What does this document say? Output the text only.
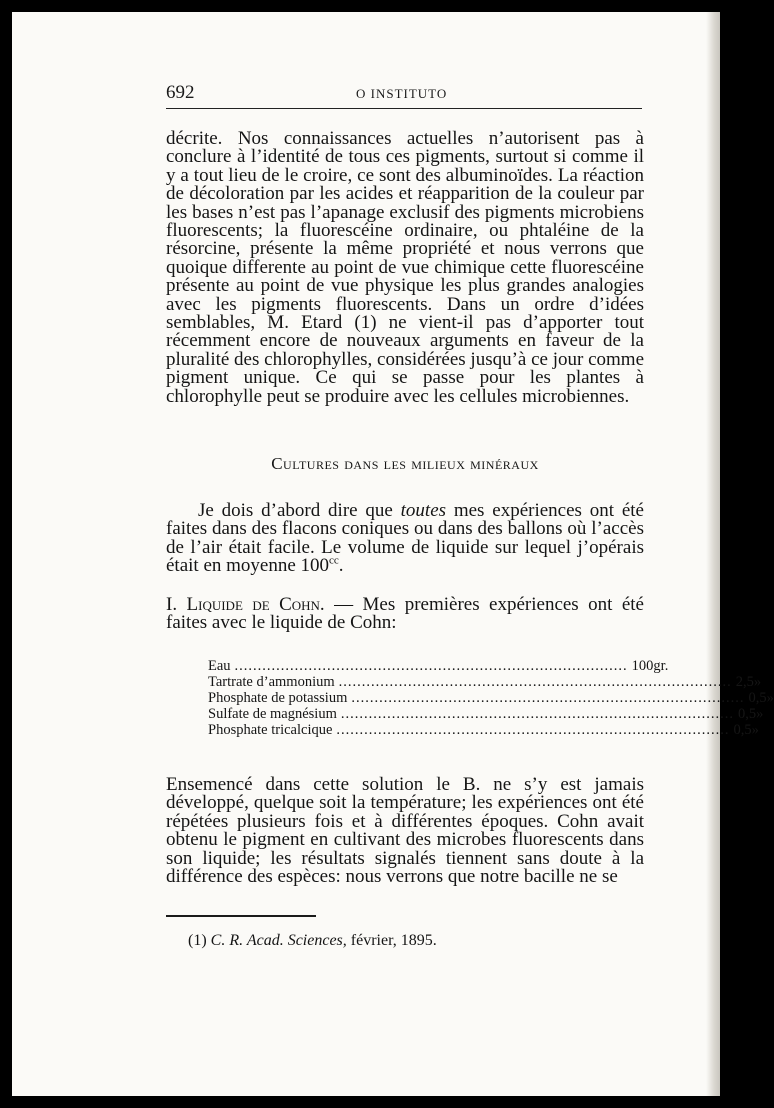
692	O INSTITUTO
décrite. Nos connaissances actuelles n’autorisent pas à conclure à l’identité de tous ces pigments, surtout si comme il y a tout lieu de le croire, ce sont des albuminoïdes. La réaction de décoloration par les acides et réapparition de la couleur par les bases n’est pas l’apanage exclusif des pigments microbiens fluorescents; la fluorescéine ordinaire, ou phtaléine de la résorcine, présente la même propriété et nous verrons que quoique differente au point de vue chimique cette fluorescéine présente au point de vue physique les plus grandes analogies avec les pigments fluorescents. Dans un ordre d’idées semblables, M. Etard (1) ne vient-il pas d’apporter tout récemment encore de nouveaux arguments en faveur de la pluralité des chlorophylles, considérées jusqu’à ce jour comme pigment unique. Ce qui se passe pour les plantes à chlorophylle peut se produire avec les cellules microbiennes.
Cultures dans les milieux minéraux
Je dois d’abord dire que toutes mes expériences ont été faites dans des flacons coniques ou dans des ballons où l’accès de l’air était facile. Le volume de liquide sur lequel j’opérais était en moyenne $100^{cc}$.
I. Liquide de Cohn. — Mes premières expériences ont été faites avec le liquide de Cohn:
Eau ..................................................................................... 100 gr.
Tartrate d’ammonium ..................................................................................... 2,5 »
Phosphate de potassium ..................................................................................... 0,5 »
Sulfate de magnésium ..................................................................................... 0,5 »
Phosphate tricalcique ..................................................................................... 0,5 »
Ensemencé dans cette solution le B. ne s’y est jamais développé, quelque soit la température; les expériences ont été répétées plusieurs fois et à différentes époques. Cohn avait obtenu le pigment en cultivant des microbes fluorescents dans son liquide; les résultats signalés tiennent sans doute à la différence des espèces: nous verrons que notre bacille ne se
(1) C. R. Acad. Sciences, février, 1895.
